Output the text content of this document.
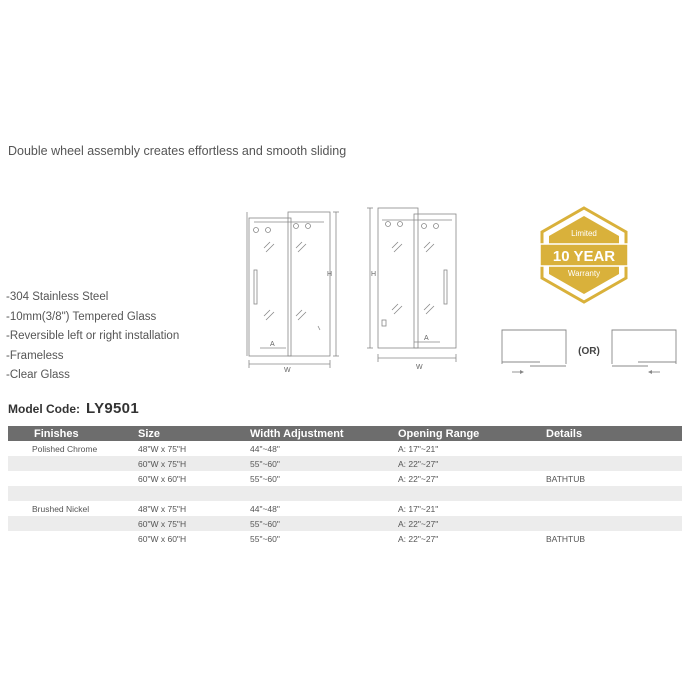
Double wheel assembly creates effortless and smooth sliding
-304 Stainless Steel
-10mm(3/8") Tempered Glass
-Reversible left or right installation
-Frameless
-Clear Glass
A
W
H
A
W
H
Limited
10 YEAR
Warranty
(OR)
Model Code: LY9501
Finishes	Size	Width Adjustment	Opening Range	Details
Polished Chrome	48"W x 75"H	44"~48"	A: 17"~21"	
	60"W x 75"H	55"~60"	A: 22"~27"	
	60"W x 60"H	55"~60"	A: 22"~27"	BATHTUB

Brushed Nickel	48"W x 75"H	44"~48"	A: 17"~21"	
	60"W x 75"H	55"~60"	A: 22"~27"	
	60"W x 60"H	55"~60"	A: 22"~27"	BATHTUB
